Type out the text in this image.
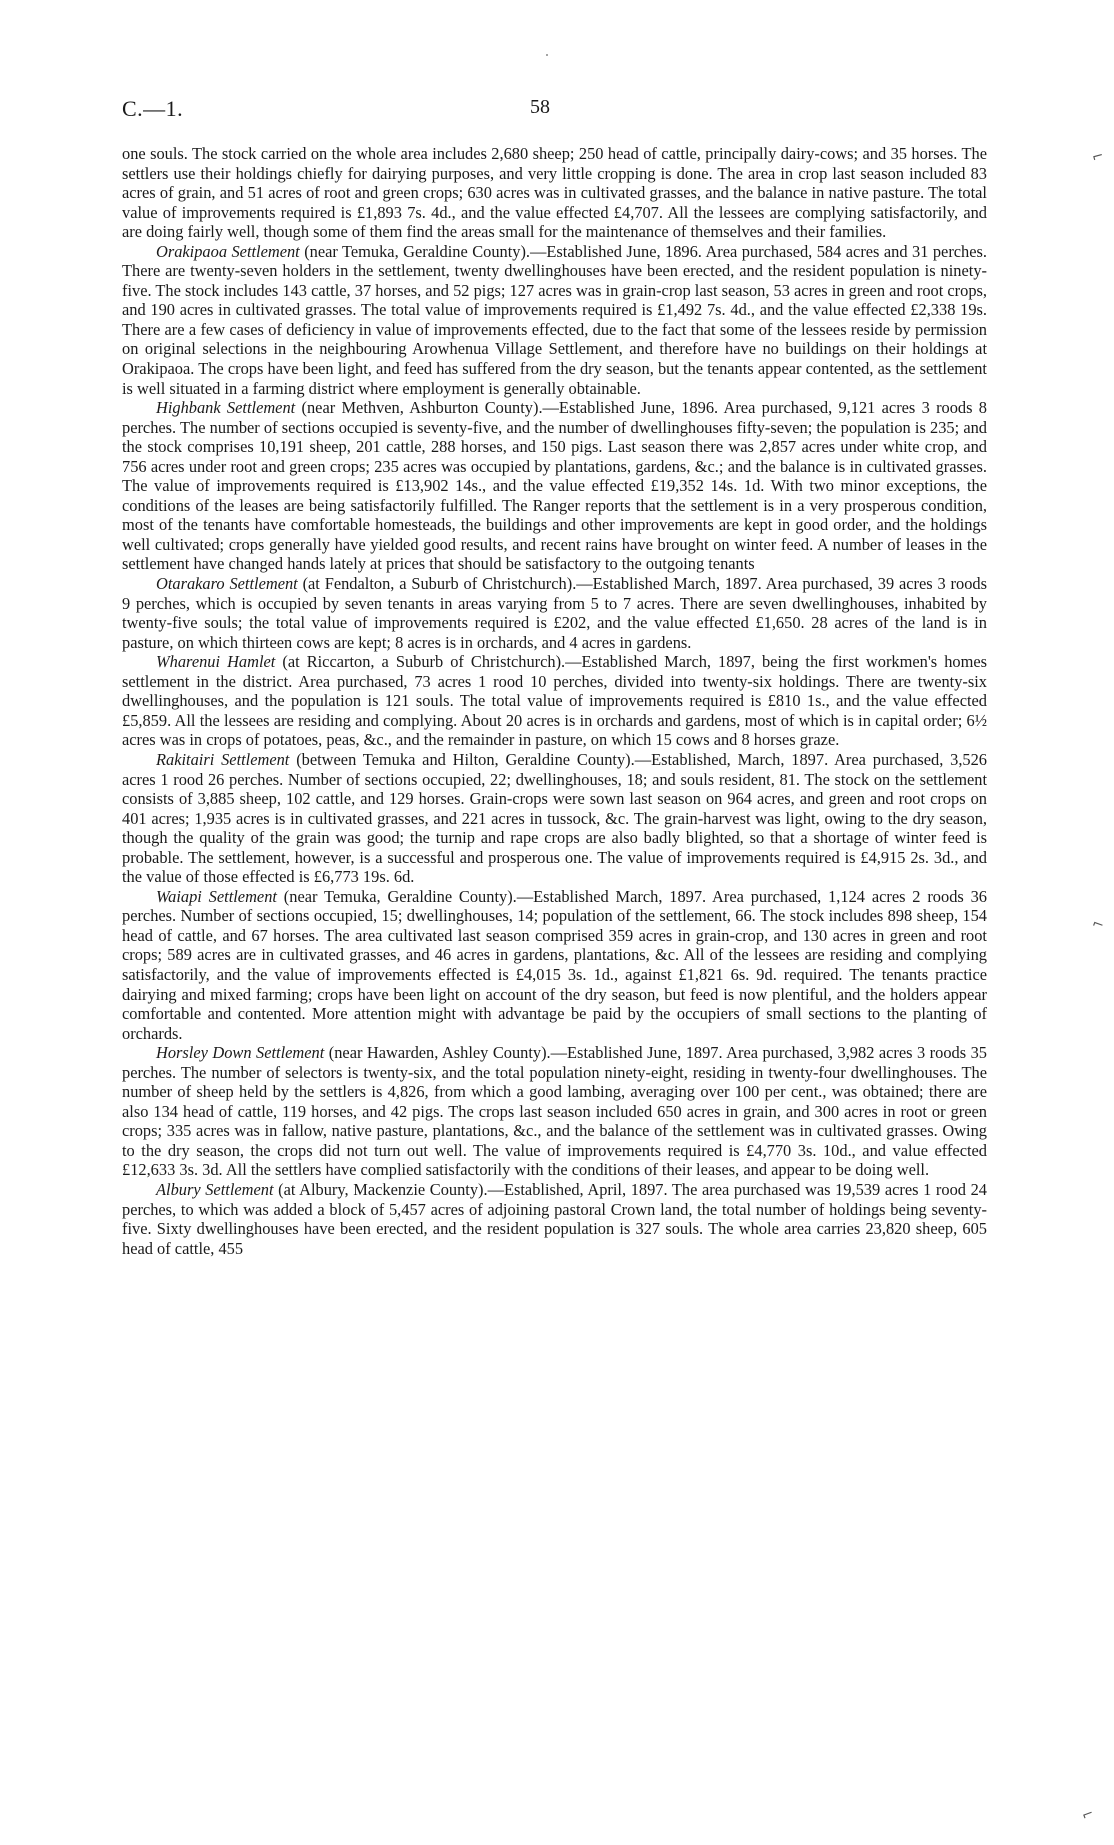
C.—1.	58

one souls. The stock carried on the whole area includes 2,680 sheep; 250 head of cattle, principally dairy-cows; and 35 horses. The settlers use their holdings chiefly for dairying purposes, and very little cropping is done. The area in crop last season included 83 acres of grain, and 51 acres of root and green crops; 630 acres was in cultivated grasses, and the balance in native pasture. The total value of improvements required is £1,893 7s. 4d., and the value effected £4,707. All the lessees are complying satisfactorily, and are doing fairly well, though some of them find the areas small for the maintenance of themselves and their families.

Orakipaoa Settlement (near Temuka, Geraldine County).—Established June, 1896. Area purchased, 584 acres and 31 perches. There are twenty-seven holders in the settlement, twenty dwellinghouses have been erected, and the resident population is ninety-five. The stock includes 143 cattle, 37 horses, and 52 pigs; 127 acres was in grain-crop last season, 53 acres in green and root crops, and 190 acres in cultivated grasses. The total value of improvements required is £1,492 7s. 4d., and the value effected £2,338 19s. There are a few cases of deficiency in value of improvements effected, due to the fact that some of the lessees reside by permission on original selections in the neighbouring Arowhenua Village Settlement, and therefore have no buildings on their holdings at Orakipaoa. The crops have been light, and feed has suffered from the dry season, but the tenants appear contented, as the settlement is well situated in a farming district where employment is generally obtainable.

Highbank Settlement (near Methven, Ashburton County).—Established June, 1896. Area purchased, 9,121 acres 3 roods 8 perches. The number of sections occupied is seventy-five, and the number of dwellinghouses fifty-seven; the population is 235; and the stock comprises 10,191 sheep, 201 cattle, 288 horses, and 150 pigs. Last season there was 2,857 acres under white crop, and 756 acres under root and green crops; 235 acres was occupied by plantations, gardens, &c.; and the balance is in cultivated grasses. The value of improvements required is £13,902 14s., and the value effected £19,352 14s. 1d. With two minor exceptions, the conditions of the leases are being satisfactorily fulfilled. The Ranger reports that the settlement is in a very prosperous condition, most of the tenants have comfortable homesteads, the buildings and other improvements are kept in good order, and the holdings well cultivated; crops generally have yielded good results, and recent rains have brought on winter feed. A number of leases in the settlement have changed hands lately at prices that should be satisfactory to the outgoing tenants

Otarakaro Settlement (at Fendalton, a Suburb of Christchurch).—Established March, 1897. Area purchased, 39 acres 3 roods 9 perches, which is occupied by seven tenants in areas varying from 5 to 7 acres. There are seven dwellinghouses, inhabited by twenty-five souls; the total value of improvements required is £202, and the value effected £1,650. 28 acres of the land is in pasture, on which thirteen cows are kept; 8 acres is in orchards, and 4 acres in gardens.

Wharenui Hamlet (at Riccarton, a Suburb of Christchurch).—Established March, 1897, being the first workmen's homes settlement in the district. Area purchased, 73 acres 1 rood 10 perches, divided into twenty-six holdings. There are twenty-six dwellinghouses, and the population is 121 souls. The total value of improvements required is £810 1s., and the value effected £5,859. All the lessees are residing and complying. About 20 acres is in orchards and gardens, most of which is in capital order; 6½ acres was in crops of potatoes, peas, &c., and the remainder in pasture, on which 15 cows and 8 horses graze.

Rakitairi Settlement (between Temuka and Hilton, Geraldine County).—Established, March, 1897. Area purchased, 3,526 acres 1 rood 26 perches. Number of sections occupied, 22; dwellinghouses, 18; and souls resident, 81. The stock on the settlement consists of 3,885 sheep, 102 cattle, and 129 horses. Grain-crops were sown last season on 964 acres, and green and root crops on 401 acres; 1,935 acres is in cultivated grasses, and 221 acres in tussock, &c. The grain-harvest was light, owing to the dry season, though the quality of the grain was good; the turnip and rape crops are also badly blighted, so that a shortage of winter feed is probable. The settlement, however, is a successful and prosperous one. The value of improvements required is £4,915 2s. 3d., and the value of those effected is £6,773 19s. 6d.

Waiapi Settlement (near Temuka, Geraldine County).—Established March, 1897. Area purchased, 1,124 acres 2 roods 36 perches. Number of sections occupied, 15; dwellinghouses, 14; population of the settlement, 66. The stock includes 898 sheep, 154 head of cattle, and 67 horses. The area cultivated last season comprised 359 acres in grain-crop, and 130 acres in green and root crops; 589 acres are in cultivated grasses, and 46 acres in gardens, plantations, &c. All of the lessees are residing and complying satisfactorily, and the value of improvements effected is £4,015 3s. 1d., against £1,821 6s. 9d. required. The tenants practice dairying and mixed farming; crops have been light on account of the dry season, but feed is now plentiful, and the holders appear comfortable and contented. More attention might with advantage be paid by the occupiers of small sections to the planting of orchards.

Horsley Down Settlement (near Hawarden, Ashley County).—Established June, 1897. Area purchased, 3,982 acres 3 roods 35 perches. The number of selectors is twenty-six, and the total population ninety-eight, residing in twenty-four dwellinghouses. The number of sheep held by the settlers is 4,826, from which a good lambing, averaging over 100 per cent., was obtained; there are also 134 head of cattle, 119 horses, and 42 pigs. The crops last season included 650 acres in grain, and 300 acres in root or green crops; 335 acres was in fallow, native pasture, plantations, &c., and the balance of the settlement was in cultivated grasses. Owing to the dry season, the crops did not turn out well. The value of improvements required is £4,770 3s. 10d., and value effected £12,633 3s. 3d. All the settlers have complied satisfactorily with the conditions of their leases, and appear to be doing well.

Albury Settlement (at Albury, Mackenzie County).—Established, April, 1897. The area purchased was 19,539 acres 1 rood 24 perches, to which was added a block of 5,457 acres of adjoining pastoral Crown land, the total number of holdings being seventy-five. Sixty dwellinghouses have been erected, and the resident population is 327 souls. The whole area carries 23,820 sheep, 605 head of cattle, 455

⌐
⌐
⌐
